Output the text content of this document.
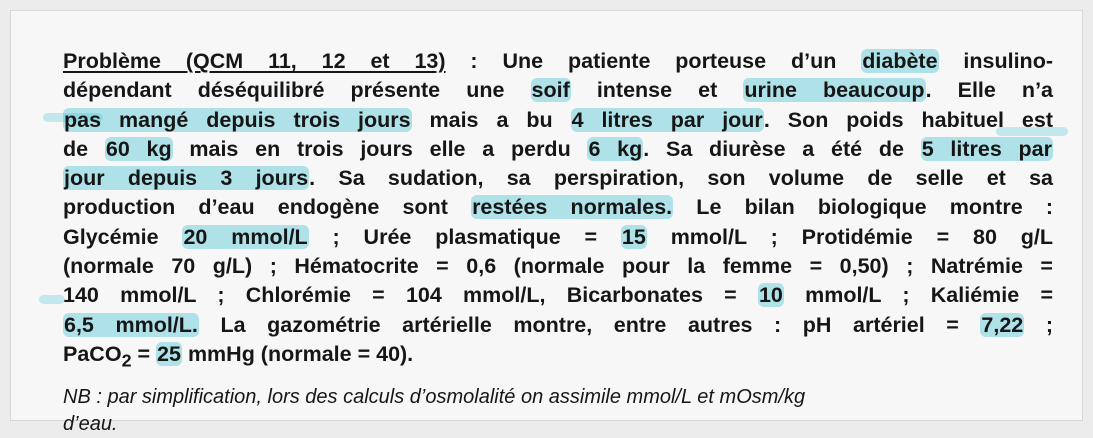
Problème (QCM 11, 12 et 13) : Une patiente porteuse d’un diabète insulino-
dépendant déséquilibré présente une soif intense et urine beaucoup. Elle n’a
pas mangé depuis trois jours mais a bu 4 litres par jour. Son poids habituel est
de 60 kg mais en trois jours elle a perdu 6 kg. Sa diurèse a été de 5 litres par
jour depuis 3 jours. Sa sudation, sa perspiration, son volume de selle et sa
production d’eau endogène sont restées normales. Le bilan biologique montre :
Glycémie 20 mmol/L ; Urée plasmatique = 15 mmol/L ; Protidémie = 80 g/L
(normale 70 g/L) ; Hématocrite = 0,6 (normale pour la femme = 0,50) ; Natrémie =
140 mmol/L ; Chlorémie = 104 mmol/L, Bicarbonates = 10 mmol/L ; Kaliémie =
6,5 mmol/L. La gazométrie artérielle montre, entre autres : pH artériel = 7,22 ;
PaCO$_2$ = 25 mmHg (normale = 40).
NB : par simplification, lors des calculs d’osmolalité on assimile mmol/L et mOsm/kg
d’eau.
